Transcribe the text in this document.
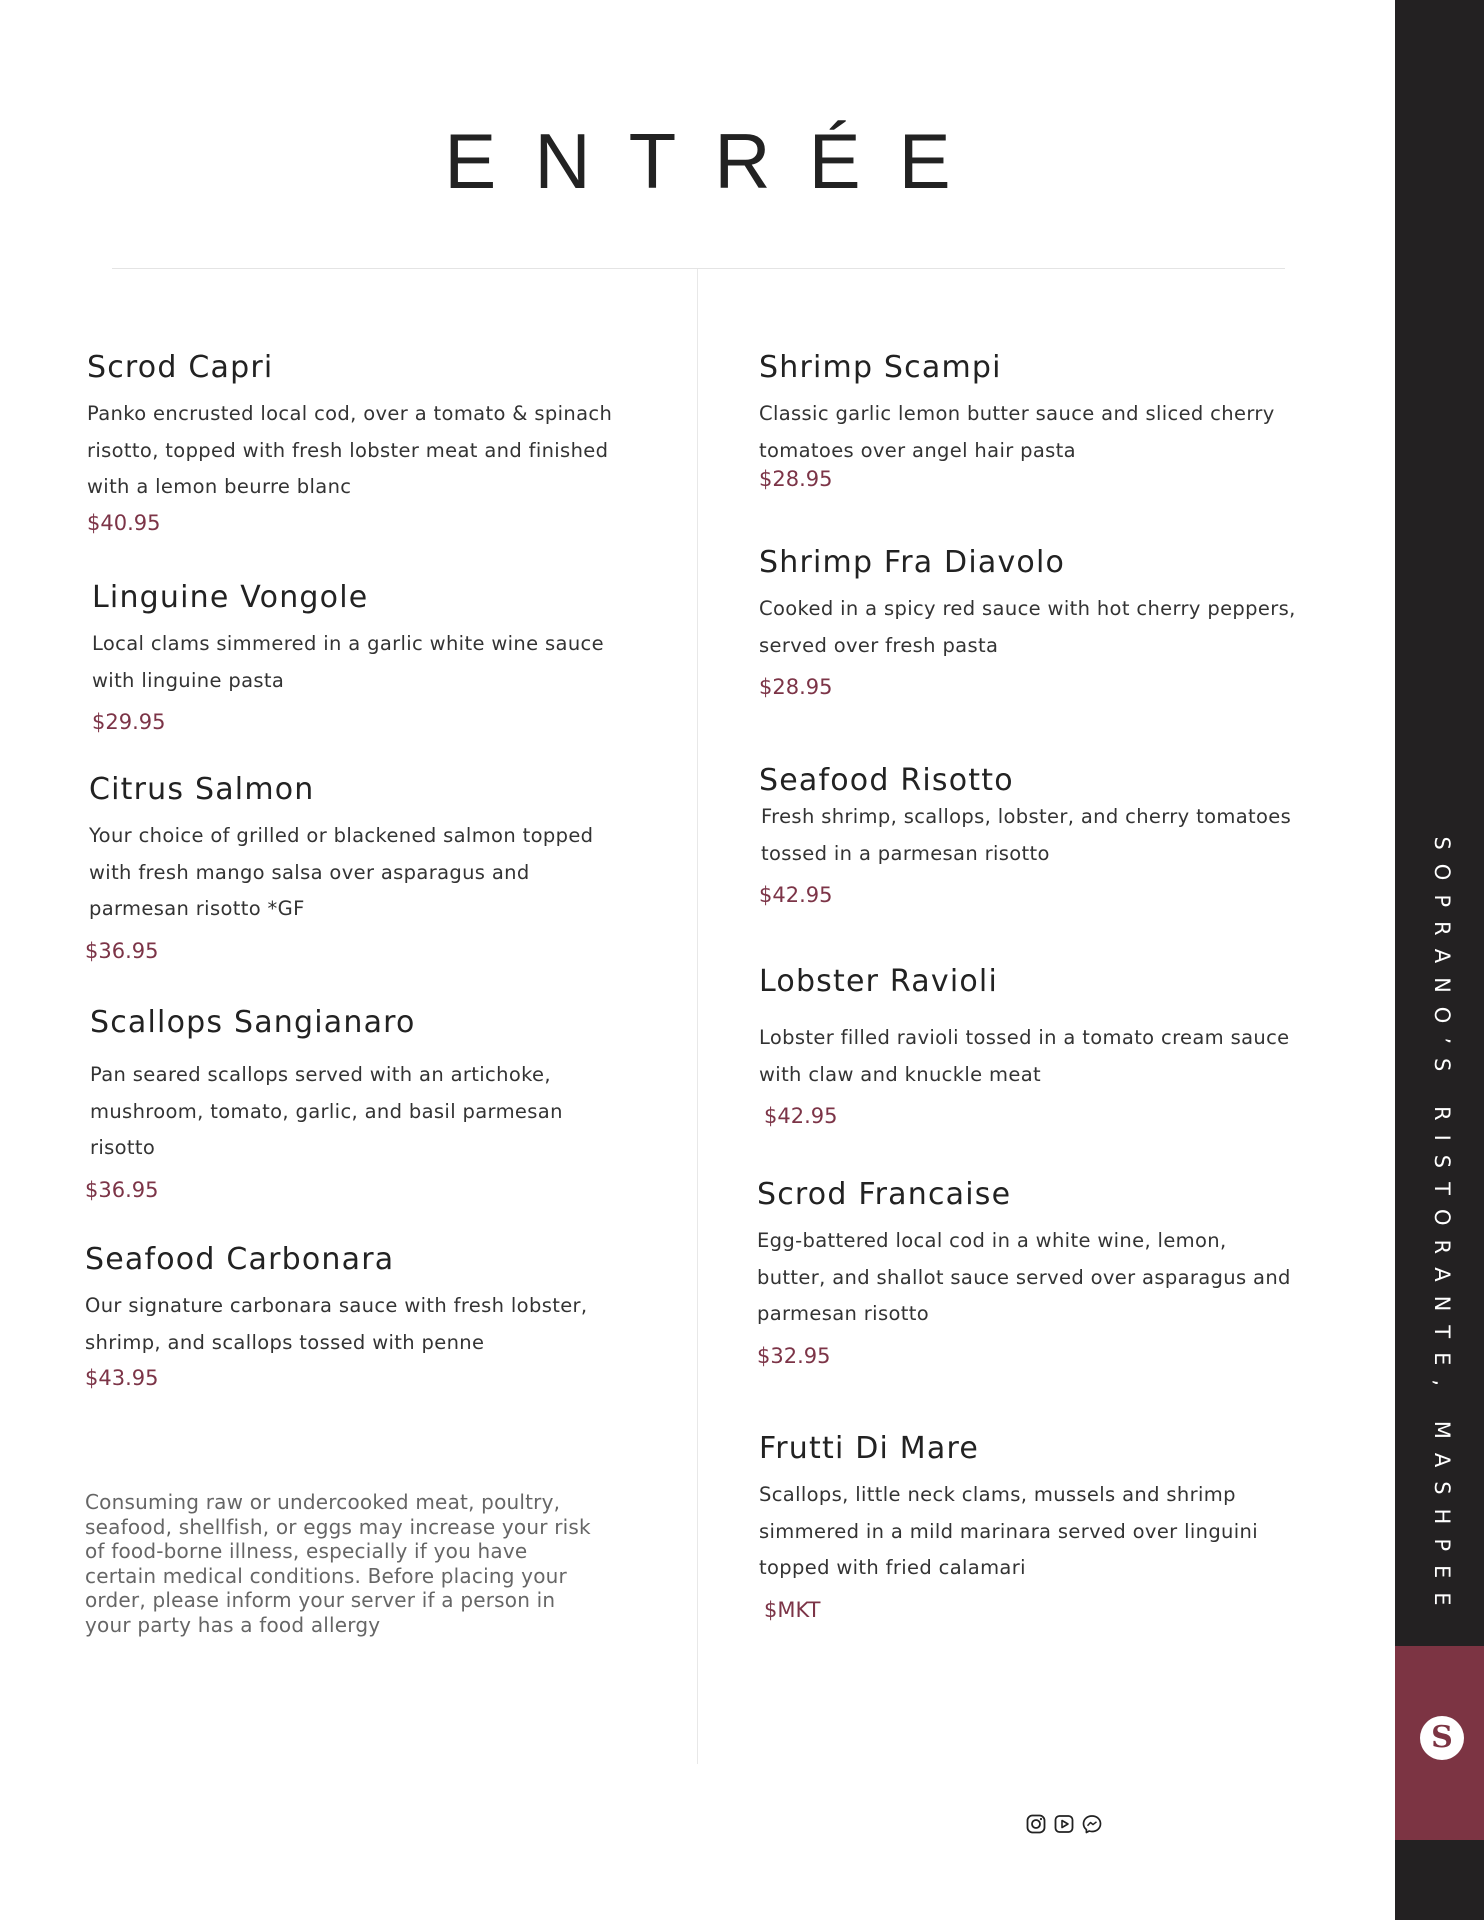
ENTRÉE
Scrod Capri
Panko encrusted local cod, over a tomato & spinach risotto, topped with fresh lobster meat and finished with a lemon beurre blanc
$40.95
Linguine Vongole
Local clams simmered in a garlic white wine sauce with linguine pasta
$29.95
Citrus Salmon
Your choice of grilled or blackened salmon topped with fresh mango salsa over asparagus and parmesan risotto *GF
$36.95
Scallops Sangianaro
Pan seared scallops served with an artichoke, mushroom, tomato, garlic, and basil parmesan risotto
$36.95
Seafood Carbonara
Our signature carbonara sauce with fresh lobster, shrimp, and scallops tossed with penne
$43.95
Consuming raw or undercooked meat, poultry, seafood, shellfish, or eggs may increase your risk of food-borne illness, especially if you have certain medical conditions. Before placing your order, please inform your server if a person in your party has a food allergy
Shrimp Scampi
Classic garlic lemon butter sauce and sliced cherry tomatoes over angel hair pasta
$28.95
Shrimp Fra Diavolo
Cooked in a spicy red sauce with hot cherry peppers, served over fresh pasta
$28.95
Seafood Risotto
Fresh shrimp, scallops, lobster, and cherry tomatoes tossed in a parmesan risotto
$42.95
Lobster Ravioli
Lobster filled ravioli tossed in a tomato cream sauce with claw and knuckle meat
$42.95
Scrod Francaise
Egg-battered local cod in a white wine, lemon, butter, and shallot sauce served over asparagus and parmesan risotto
$32.95
Frutti Di Mare
Scallops, little neck clams, mussels and shrimp simmered in a mild marinara served over linguini topped with fried calamari
$MKT	SOPRANO’S RISTORANTE, MASHPEE
S
